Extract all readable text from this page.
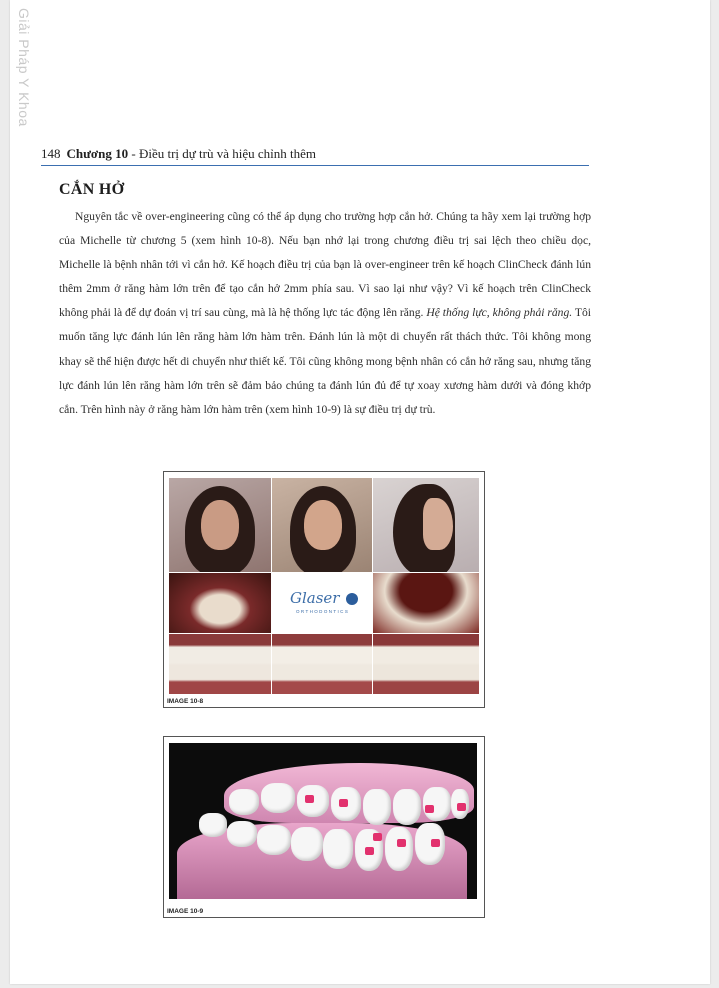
Giải Pháp Y Khoa
148 Chương 10 - Điều trị dự trù và hiệu chỉnh thêm
CẮN HỞ

Nguyên tắc về over-engineering cũng có thể áp dụng cho trường hợp cắn hở. Chúng ta hãy xem lại trường hợp của Michelle từ chương 5 (xem hình 10-8). Nếu bạn nhớ lại trong chương điều trị sai lệch theo chiều dọc, Michelle là bệnh nhân tới vì cắn hở. Kế hoạch điều trị của bạn là over-engineer trên kế hoạch ClinCheck đánh lún thêm 2mm ở răng hàm lớn trên để tạo cắn hở 2mm phía sau. Vì sao lại như vậy? Vì kế hoạch trên ClinCheck không phải là để dự đoán vị trí sau cùng, mà là hệ thống lực tác động lên răng. Hệ thống lực, không phải răng. Tôi muốn tăng lực đánh lún lên răng hàm lớn hàm trên. Đánh lún là một di chuyển rất thách thức. Tôi không mong khay sẽ thể hiện được hết di chuyển như thiết kế. Tôi cũng không mong bệnh nhân có cắn hở răng sau, nhưng tăng lực đánh lún lên răng hàm lớn trên sẽ đảm bảo chúng ta đánh lún đủ để tự xoay xương hàm dưới và đóng khớp cắn. Trên hình này ở răng hàm lớn hàm trên (xem hình 10-9) là sự điều trị dự trù.

Glaser
ORTHODONTICS
IMAGE 10-8
IMAGE 10-9
